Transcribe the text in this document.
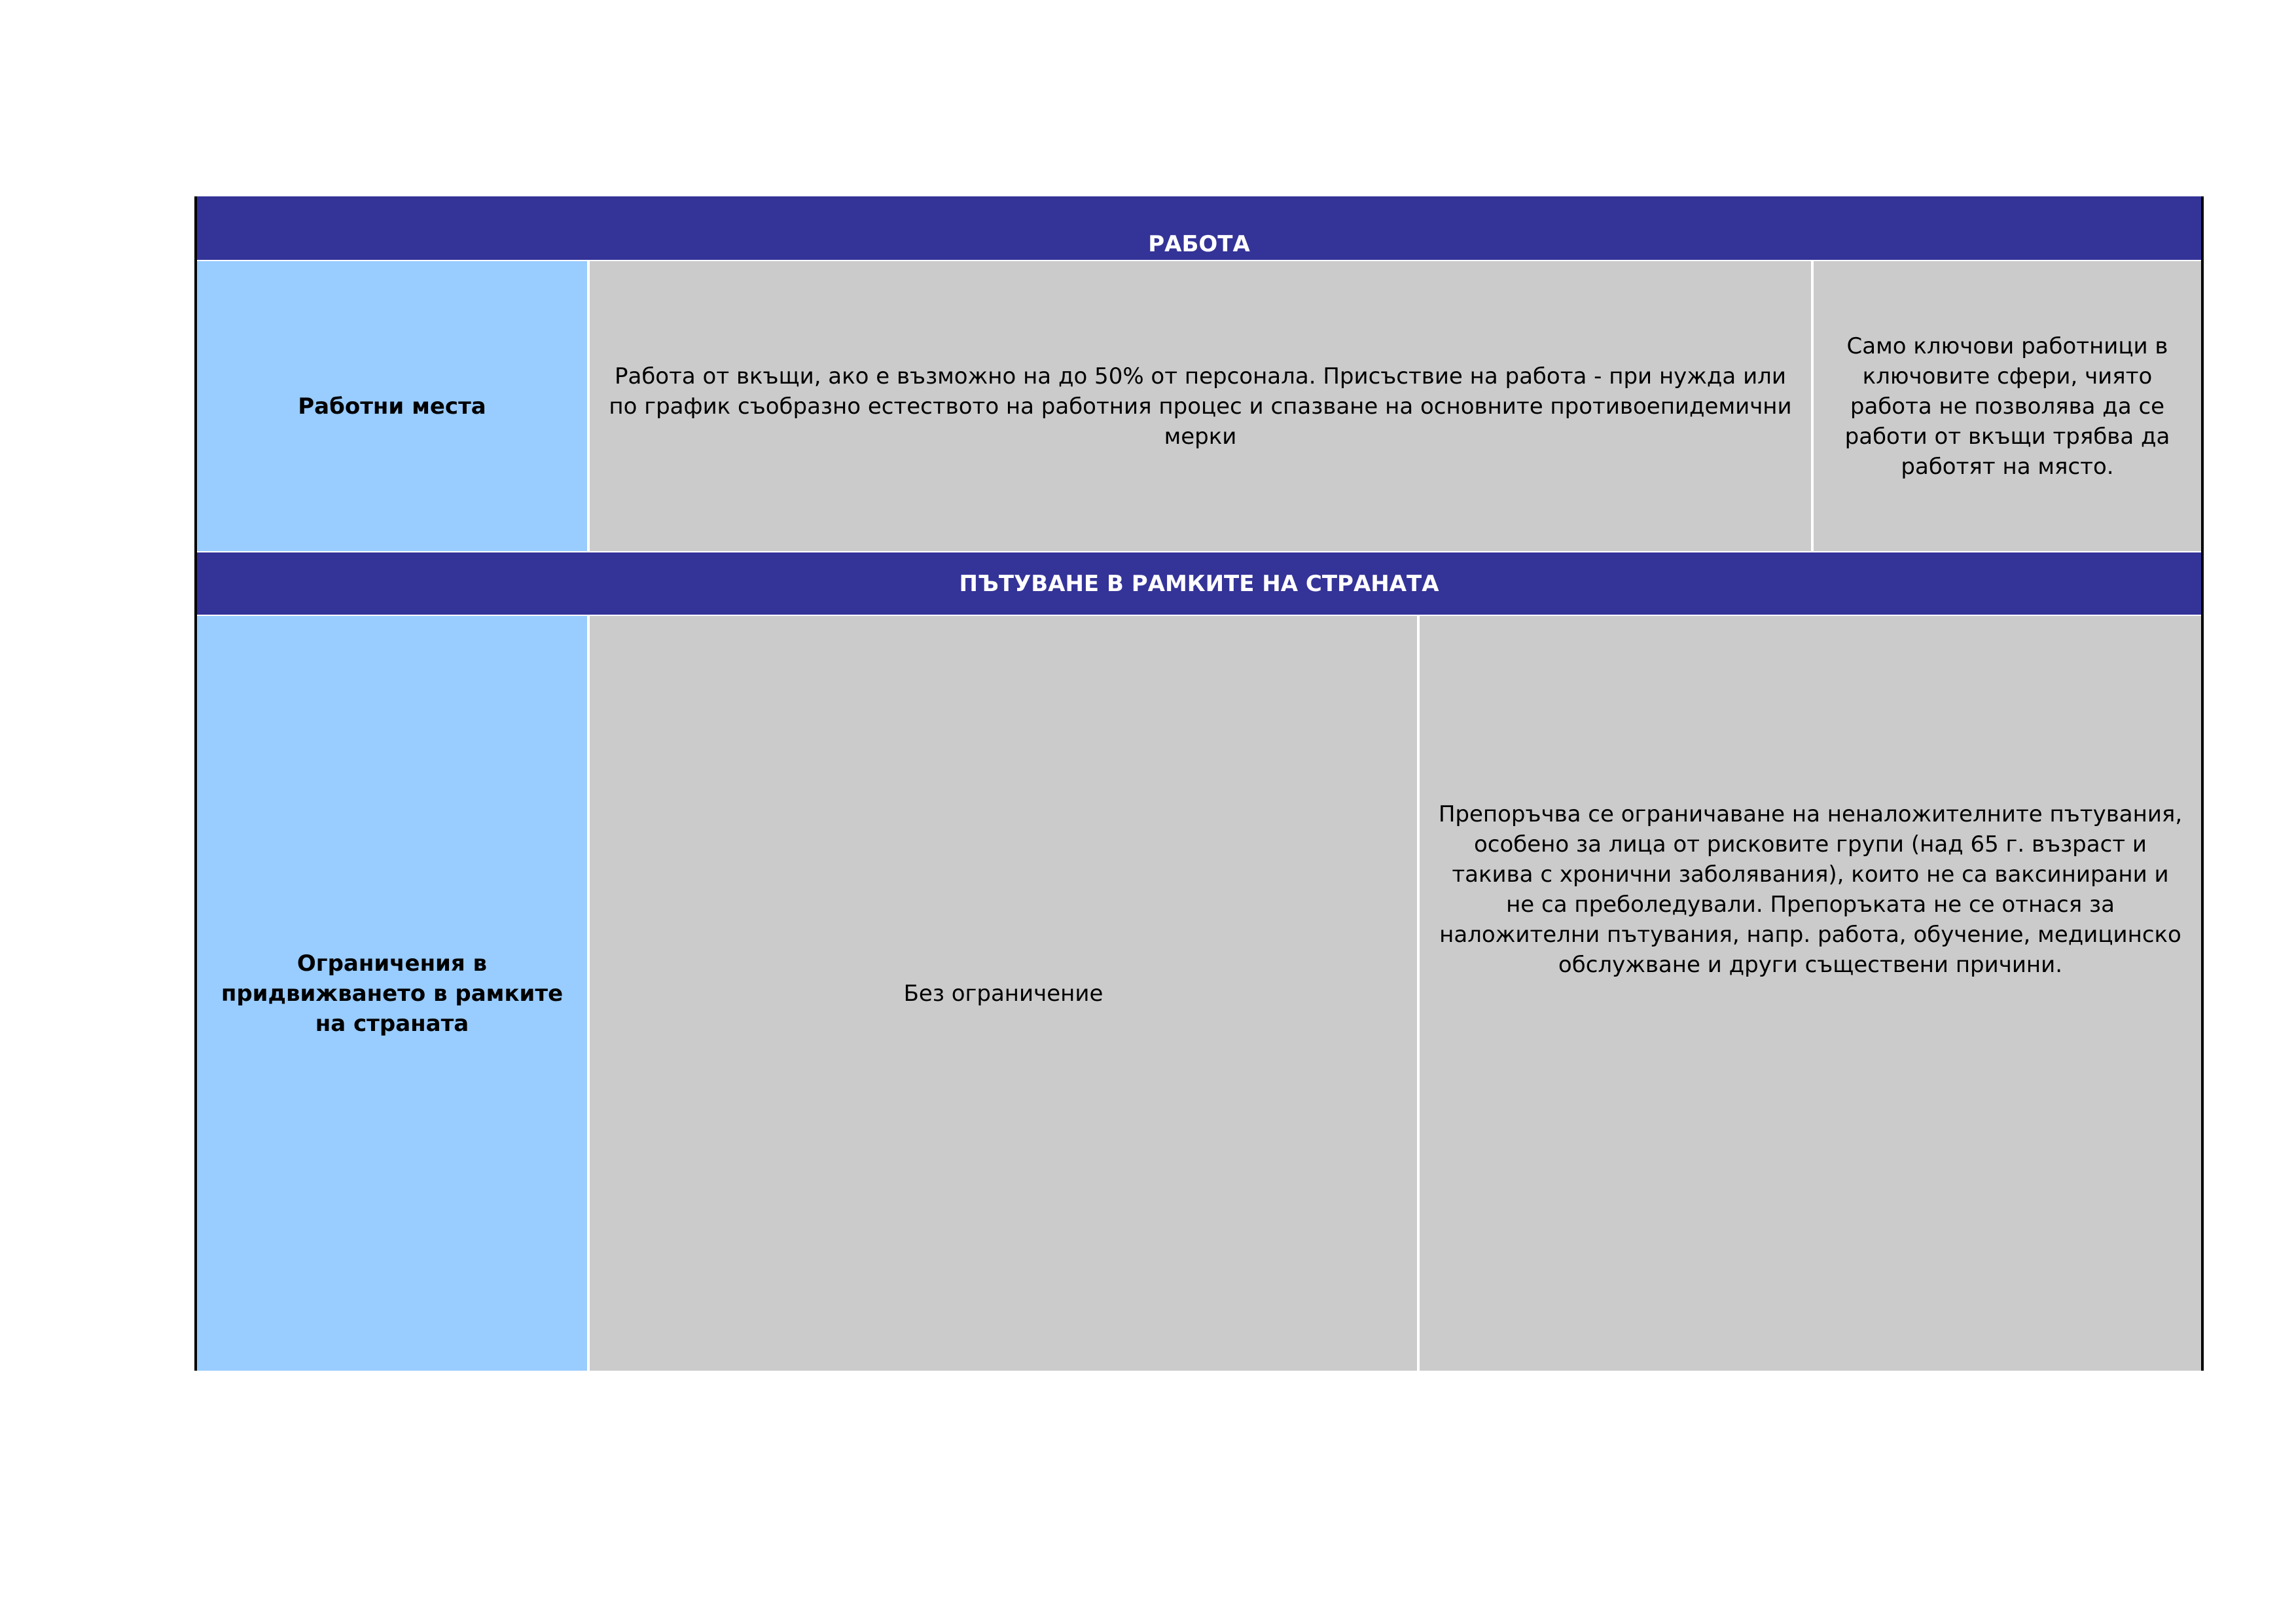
РАБОТА
Работни места
Работа от вкъщи, ако е възможно на до 50% от персонала. Присъствие на работа - при нужда или по график съобразно естеството на работния процес и спазване на основните противоепидемични мерки
Само ключови работници в ключовите сфери, чиято работа не позволява да се работи от вкъщи трябва да работят на място.
ПЪТУВАНЕ В РАМКИТЕ НА СТРАНАТА
Ограничения в придвижването в рамките на страната
Без ограничение
Препоръчва се ограничаване на неналожителните пътувания, особено за лица от рисковите групи (над 65 г. възраст и такива с хронични заболявания), които не са ваксинирани и не са преболедували. Препоръката не се отнася за наложителни пътувания, напр. работа, обучение, медицинско обслужване и други съществени причини.
